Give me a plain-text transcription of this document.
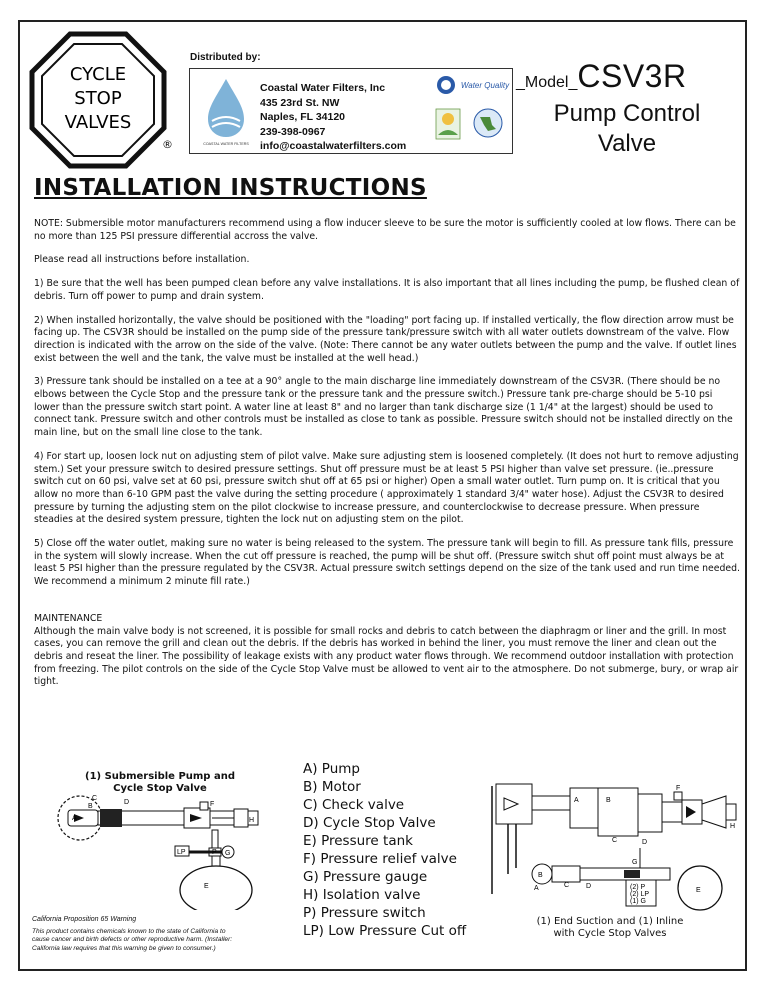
CYCLE
STOP
VALVES
®
Distributed by:
COASTAL WATER FILTERS
Coastal Water Filters, Inc
435 23rd St. NW
Naples, FL 34120
239-398-0967
info@coastalwaterfilters.com
Water Quality _Model_CSV3R
Pump Control
Valve
INSTALLATION INSTRUCTIONS

NOTE: Submersible motor manufacturers recommend using a flow inducer sleeve to be sure the motor is sufficiently cooled at low flows. There can be no more than 125 PSI pressure differential accross the valve.

Please read all instructions before installation.

1) Be sure that the well has been pumped clean before any valve installations. It is also important that all lines including the pump, be flushed clean of debris. Turn off power to pump and drain system.

2) When installed horizontally, the valve should be positioned with the "loading" port facing up. If installed vertically, the flow direction arrow must be facing up. The CSV3R should be installed on the pump side of the pressure tank/pressure switch with all water outlets downstream of the valve. Flow direction is indicated with the arrow on the side of the valve. (Note: There cannot be any water outlets between the pump and the valve. If outlet lines exist between the well and the tank, the valve must be installed at the well head.)

3) Pressure tank should be installed on a tee at a 90° angle to the main discharge line immediately downstream of the CSV3R. (There should be no elbows between the Cycle Stop and the pressure tank or the pressure tank and the pressure switch.) Pressure tank pre-charge should be 5-10 psi lower than the pressure switch start point. A water line at least 8" and no larger than tank discharge size (1 1/4" at the largest) should be used to connect tank. Pressure switch and other controls must be installed as close to tank as possible. Pressure switch should not be installed directly on the main line, but on the small line close to the tank.

4) For start up, loosen lock nut on adjusting stem of pilot valve. Make sure adjusting stem is loosened completely. (It does not hurt to remove adjusting stem.) Set your pressure switch to desired pressure settings. Shut off pressure must be at least 5 PSI higher than valve set pressure. (ie..pressure switch cut on 60 psi, valve set at 60 psi, pressure switch shut off at 65 psi or higher) Open a small water outlet. Turn pump on. It is critical that you allow no more than 6-10 GPM past the valve during the setting procedure ( approximately 1 standard 3/4" water hose). Adjust the CSV3R to desired pressure by turning the adjusting stem on the pilot clockwise to increase pressure, and counterclockwise to decrease pressure. When pressure steadies at the desired system pressure, tighten the lock nut on adjusting stem on the pilot.

5) Close off the water outlet, making sure no water is being released to the system. The pressure tank will begin to fill. As pressure tank fills, pressure in the system will slowly increase. When the cut off pressure is reached, the pump will be shut off. (Pressure switch shut off point must always be at least 5 PSI higher than the pressure regulated by the CSV3R. Actual pressure switch settings depend on the size of the tank used and run time needed. We recommend a minimum 2 minute fill rate.)

MAINTENANCE
Although the main valve body is not screened, it is possible for small rocks and debris to catch between the diaphragm or liner and the grill. In most cases, you can remove the grill and clean out the debris. If the debris has worked in behind the liner, you must remove the liner and clean out the debris and reseat the liner. The possibility of leakage exists with any product water flows through. We recommend outdoor installation with protection from freezing. The pilot controls on the side of the Cycle Stop Valve must be allowed to vent air to the atmosphere. Do not submerge, bury, or wrap air tight.
(1) Submersible Pump and
Cycle Stop Valve
A
B
C
D	F
H
LP	P G
E
A) Pump
B) Motor
C) Check valve
D) Cycle Stop Valve
E) Pressure tank
F) Pressure relief valve
G) Pressure gauge
H) Isolation valve
P) Pressure switch
LP) Low Pressure Cut off
A	B
C	D
F
H
A
B
C D
G
(2) P
(2) LP
(1) G
E
(1) End Suction and (1) Inline
with Cycle Stop Valves
California Proposition 65 Warning
This product contains chemicals known to the state of California to cause cancer and birth defects or other reproductive harm. (Installer: California law requires that this warning be given to consumer.)
